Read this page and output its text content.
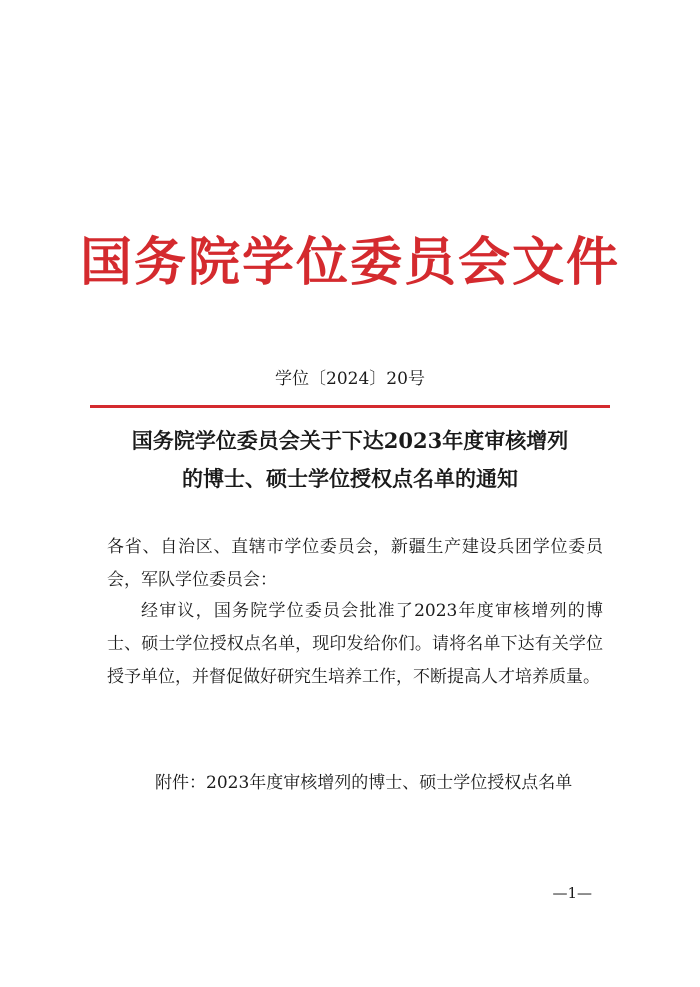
国务院学位委员会文件
学位〔2024〕20号
国务院学位委员会关于下达2023年度审核增列
的博士、硕士学位授权点名单的通知
各省、自治区、直辖市学位委员会，新疆生产建设兵团学位委员会，军队学位委员会：
经审议，国务院学位委员会批准了2023年度审核增列的博士、硕士学位授权点名单，现印发给你们。请将名单下达有关学位授予单位，并督促做好研究生培养工作，不断提高人才培养质量。
附件：2023年度审核增列的博士、硕士学位授权点名单
—1—
